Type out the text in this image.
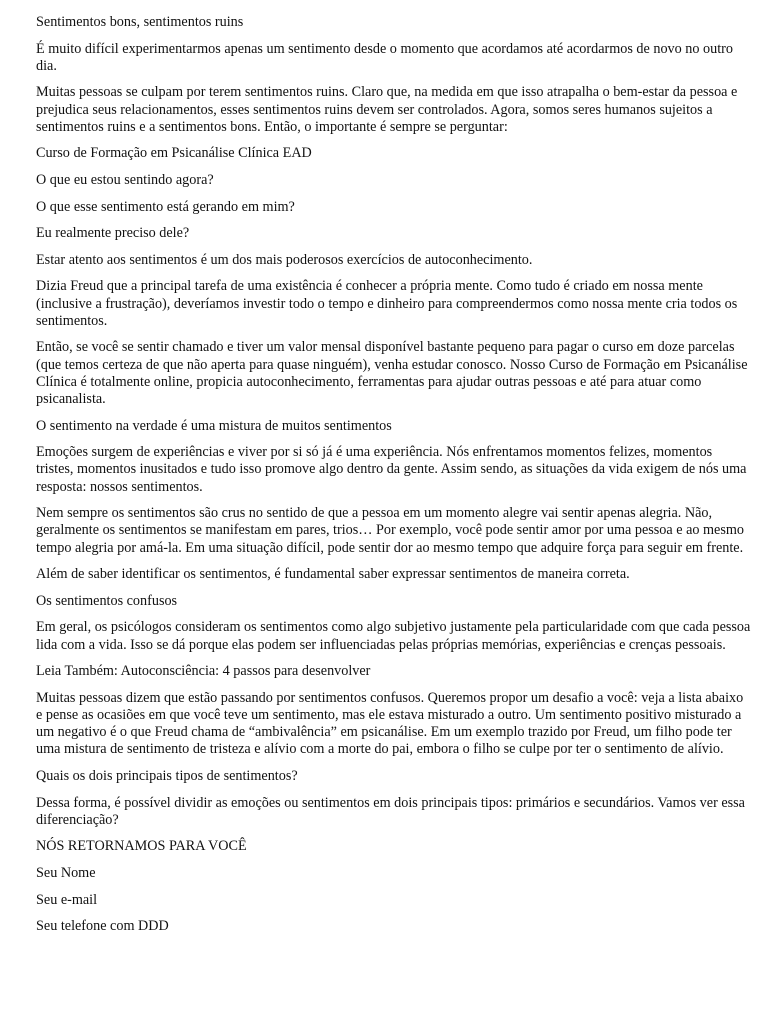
Sentimentos bons, sentimentos ruins

É muito difícil experimentarmos apenas um sentimento desde o momento que acordamos até acordarmos de novo no outro dia.

Muitas pessoas se culpam por terem sentimentos ruins. Claro que, na medida em que isso atrapalha o bem-estar da pessoa e prejudica seus relacionamentos, esses sentimentos ruins devem ser controlados. Agora, somos seres humanos sujeitos a sentimentos ruins e a sentimentos bons. Então, o importante é sempre se perguntar:

Curso de Formação em Psicanálise Clínica EAD

O que eu estou sentindo agora?

O que esse sentimento está gerando em mim?

Eu realmente preciso dele?

Estar atento aos sentimentos é um dos mais poderosos exercícios de autoconhecimento.

Dizia Freud que a principal tarefa de uma existência é conhecer a própria mente. Como tudo é criado em nossa mente (inclusive a frustração), deveríamos investir todo o tempo e dinheiro para compreendermos como nossa mente cria todos os sentimentos.

Então, se você se sentir chamado e tiver um valor mensal disponível bastante pequeno para pagar o curso em doze parcelas (que temos certeza de que não aperta para quase ninguém), venha estudar conosco. Nosso Curso de Formação em Psicanálise Clínica é totalmente online, propicia autoconhecimento, ferramentas para ajudar outras pessoas e até para atuar como psicanalista.

O sentimento na verdade é uma mistura de muitos sentimentos

Emoções surgem de experiências e viver por si só já é uma experiência. Nós enfrentamos momentos felizes, momentos tristes, momentos inusitados e tudo isso promove algo dentro da gente. Assim sendo, as situações da vida exigem de nós uma resposta: nossos sentimentos.

Nem sempre os sentimentos são crus no sentido de que a pessoa em um momento alegre vai sentir apenas alegria. Não, geralmente os sentimentos se manifestam em pares, trios… Por exemplo, você pode sentir amor por uma pessoa e ao mesmo tempo alegria por amá-la. Em uma situação difícil, pode sentir dor ao mesmo tempo que adquire força para seguir em frente.

Além de saber identificar os sentimentos, é fundamental saber expressar sentimentos de maneira correta.

Os sentimentos confusos

Em geral, os psicólogos consideram os sentimentos como algo subjetivo justamente pela particularidade com que cada pessoa lida com a vida. Isso se dá porque elas podem ser influenciadas pelas próprias memórias, experiências e crenças pessoais.

Leia Também: Autoconsciência: 4 passos para desenvolver

Muitas pessoas dizem que estão passando por sentimentos confusos. Queremos propor um desafio a você: veja a lista abaixo e pense as ocasiões em que você teve um sentimento, mas ele estava misturado a outro. Um sentimento positivo misturado a um negativo é o que Freud chama de “ambivalência” em psicanálise. Em um exemplo trazido por Freud, um filho pode ter uma mistura de sentimento de tristeza e alívio com a morte do pai, embora o filho se culpe por ter o sentimento de alívio.

Quais os dois principais tipos de sentimentos?

Dessa forma, é possível dividir as emoções ou sentimentos em dois principais tipos: primários e secundários. Vamos ver essa diferenciação?

NÓS RETORNAMOS PARA VOCÊ

Seu Nome

Seu e-mail

Seu telefone com DDD
